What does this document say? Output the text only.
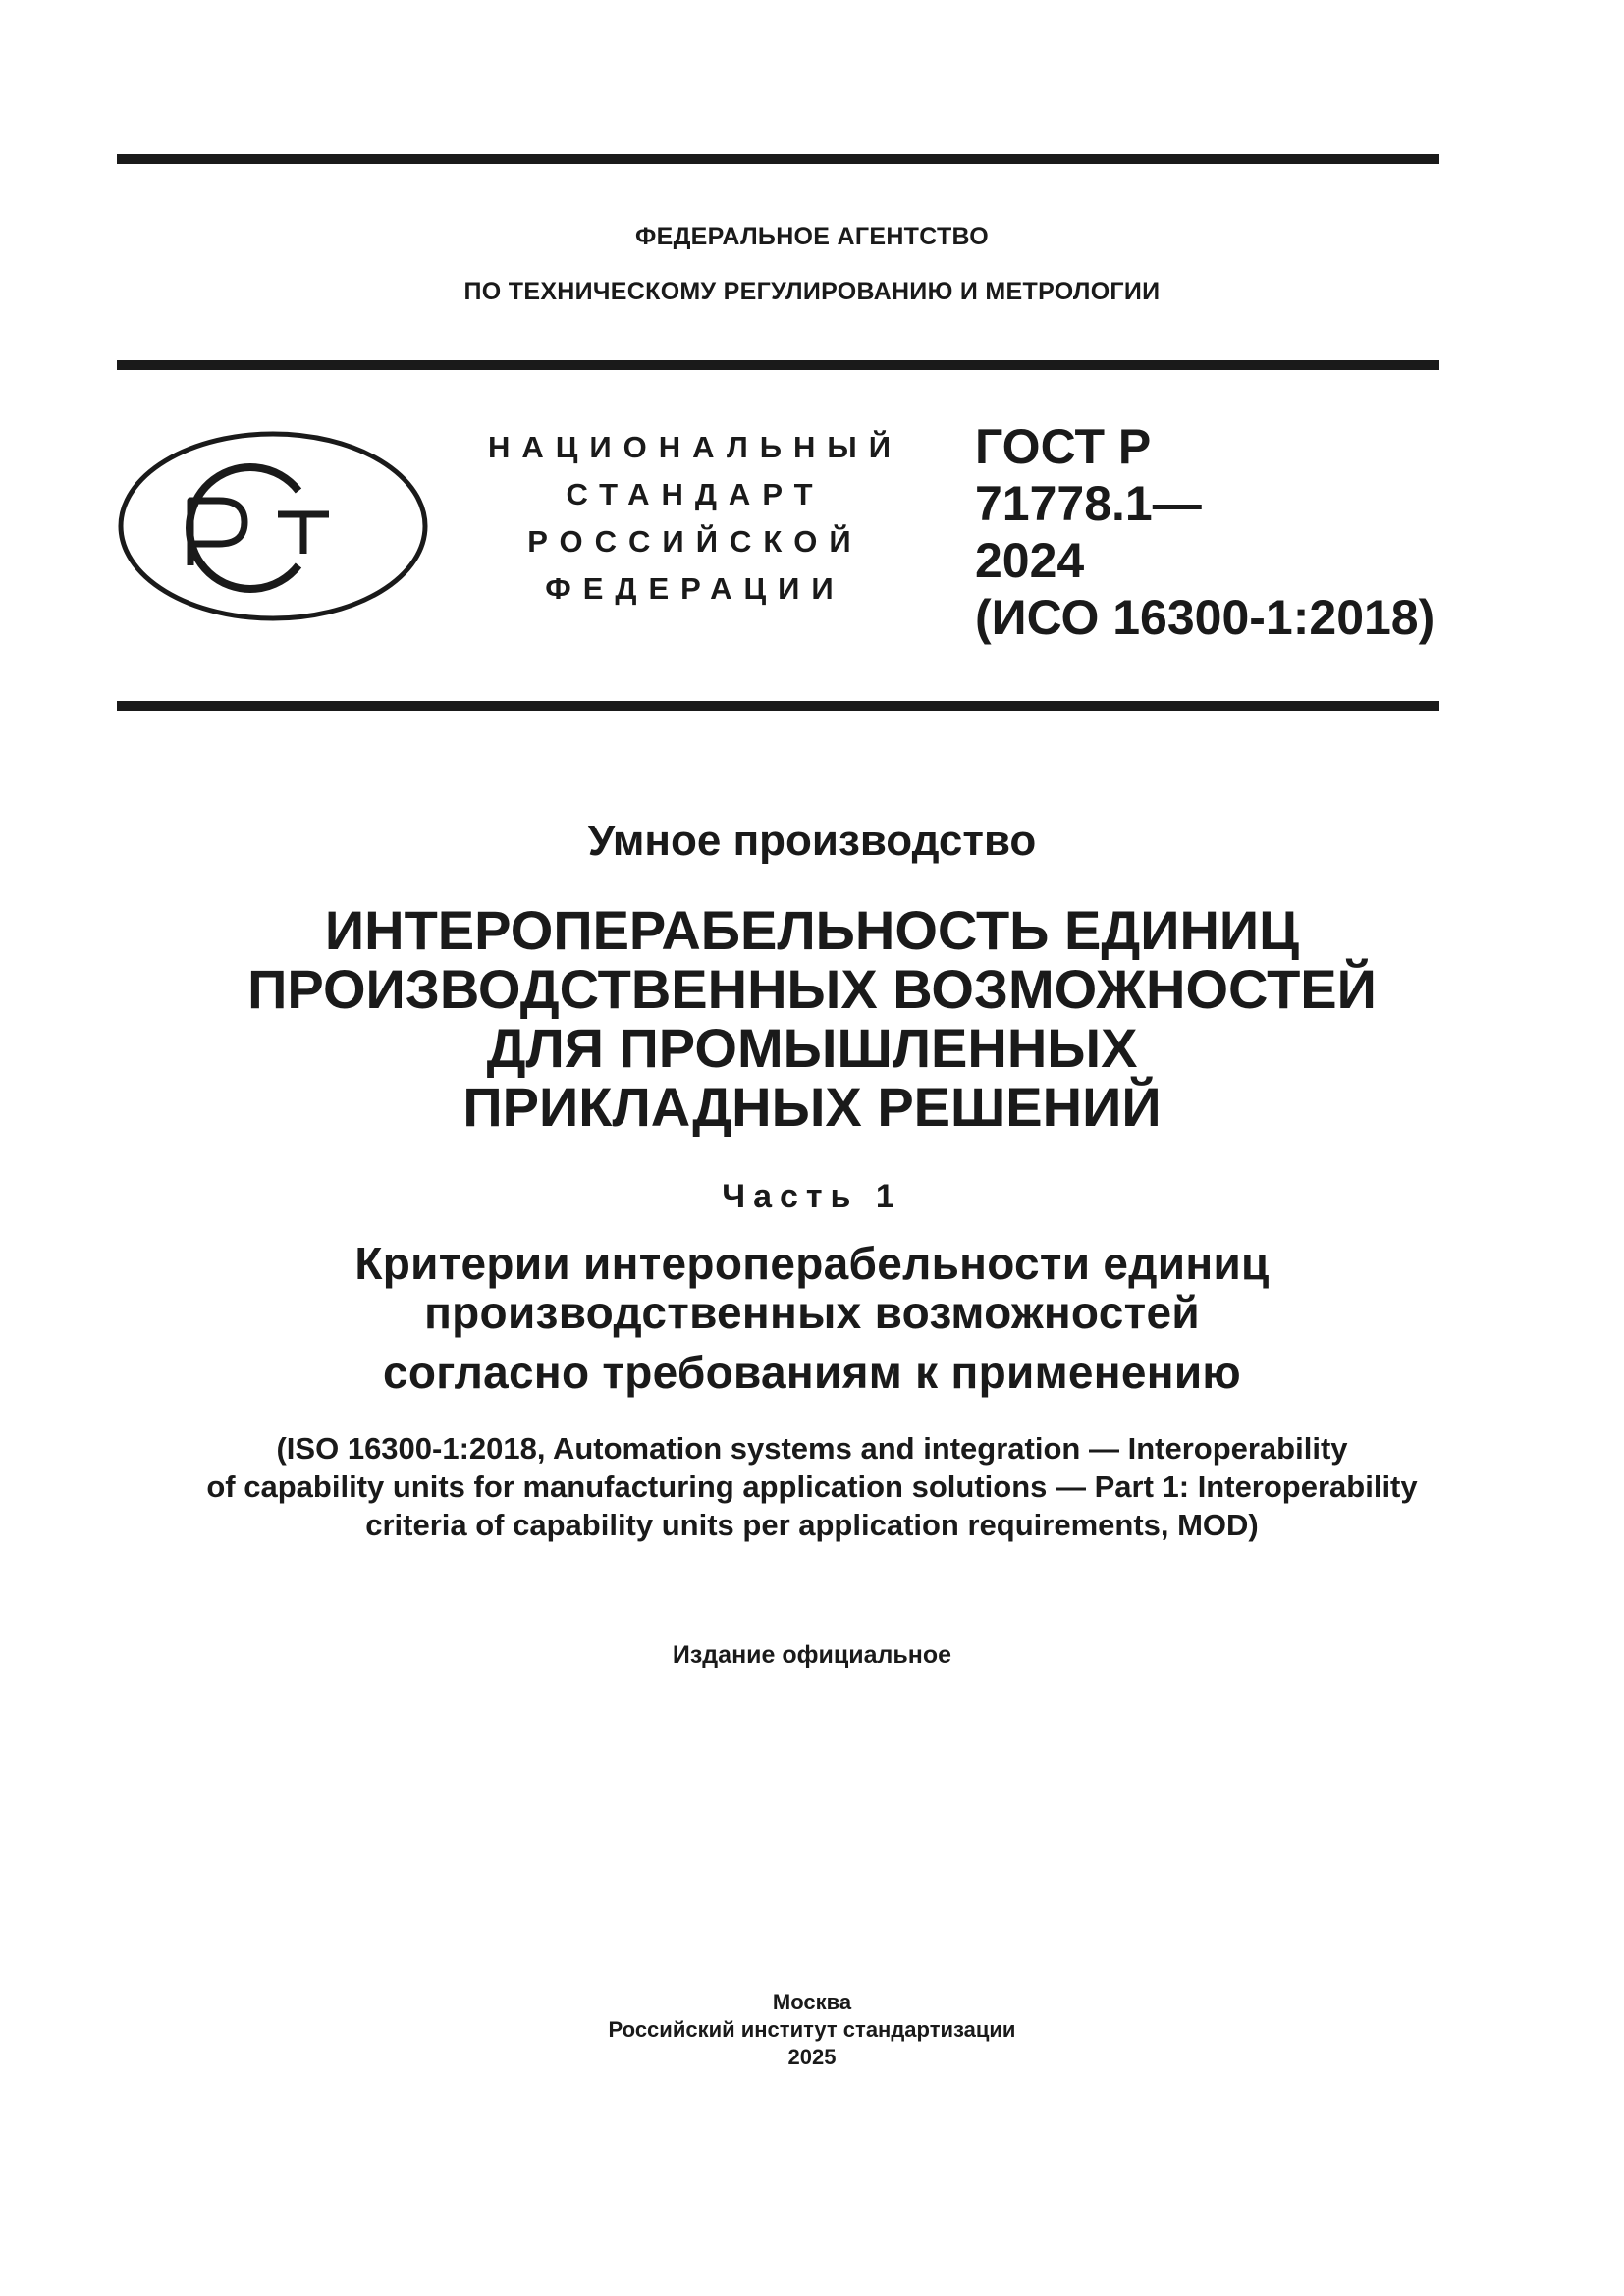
ФЕДЕРАЛЬНОЕ АГЕНТСТВО
ПО ТЕХНИЧЕСКОМУ РЕГУЛИРОВАНИЮ И МЕТРОЛОГИИ
НАЦИОНАЛЬНЫЙ
СТАНДАРТ
РОССИЙСКОЙ
ФЕДЕРАЦИИ
ГОСТ Р
71778.1—
2024
(ИСО 16300-1:2018)
Умное производство
ИНТЕРОПЕРАБЕЛЬНОСТЬ ЕДИНИЦ
ПРОИЗВОДСТВЕННЫХ ВОЗМОЖНОСТЕЙ
ДЛЯ ПРОМЫШЛЕННЫХ
ПРИКЛАДНЫХ РЕШЕНИЙ
Часть 1
Критерии интероперабельности единиц
производственных возможностей
согласно требованиям к применению
(ISO 16300-1:2018, Automation systems and integration — Interoperability
of capability units for manufacturing application solutions — Part 1: Interoperability
criteria of capability units per application requirements, MOD)
Издание официальное
Москва
Российский институт стандартизации
2025
